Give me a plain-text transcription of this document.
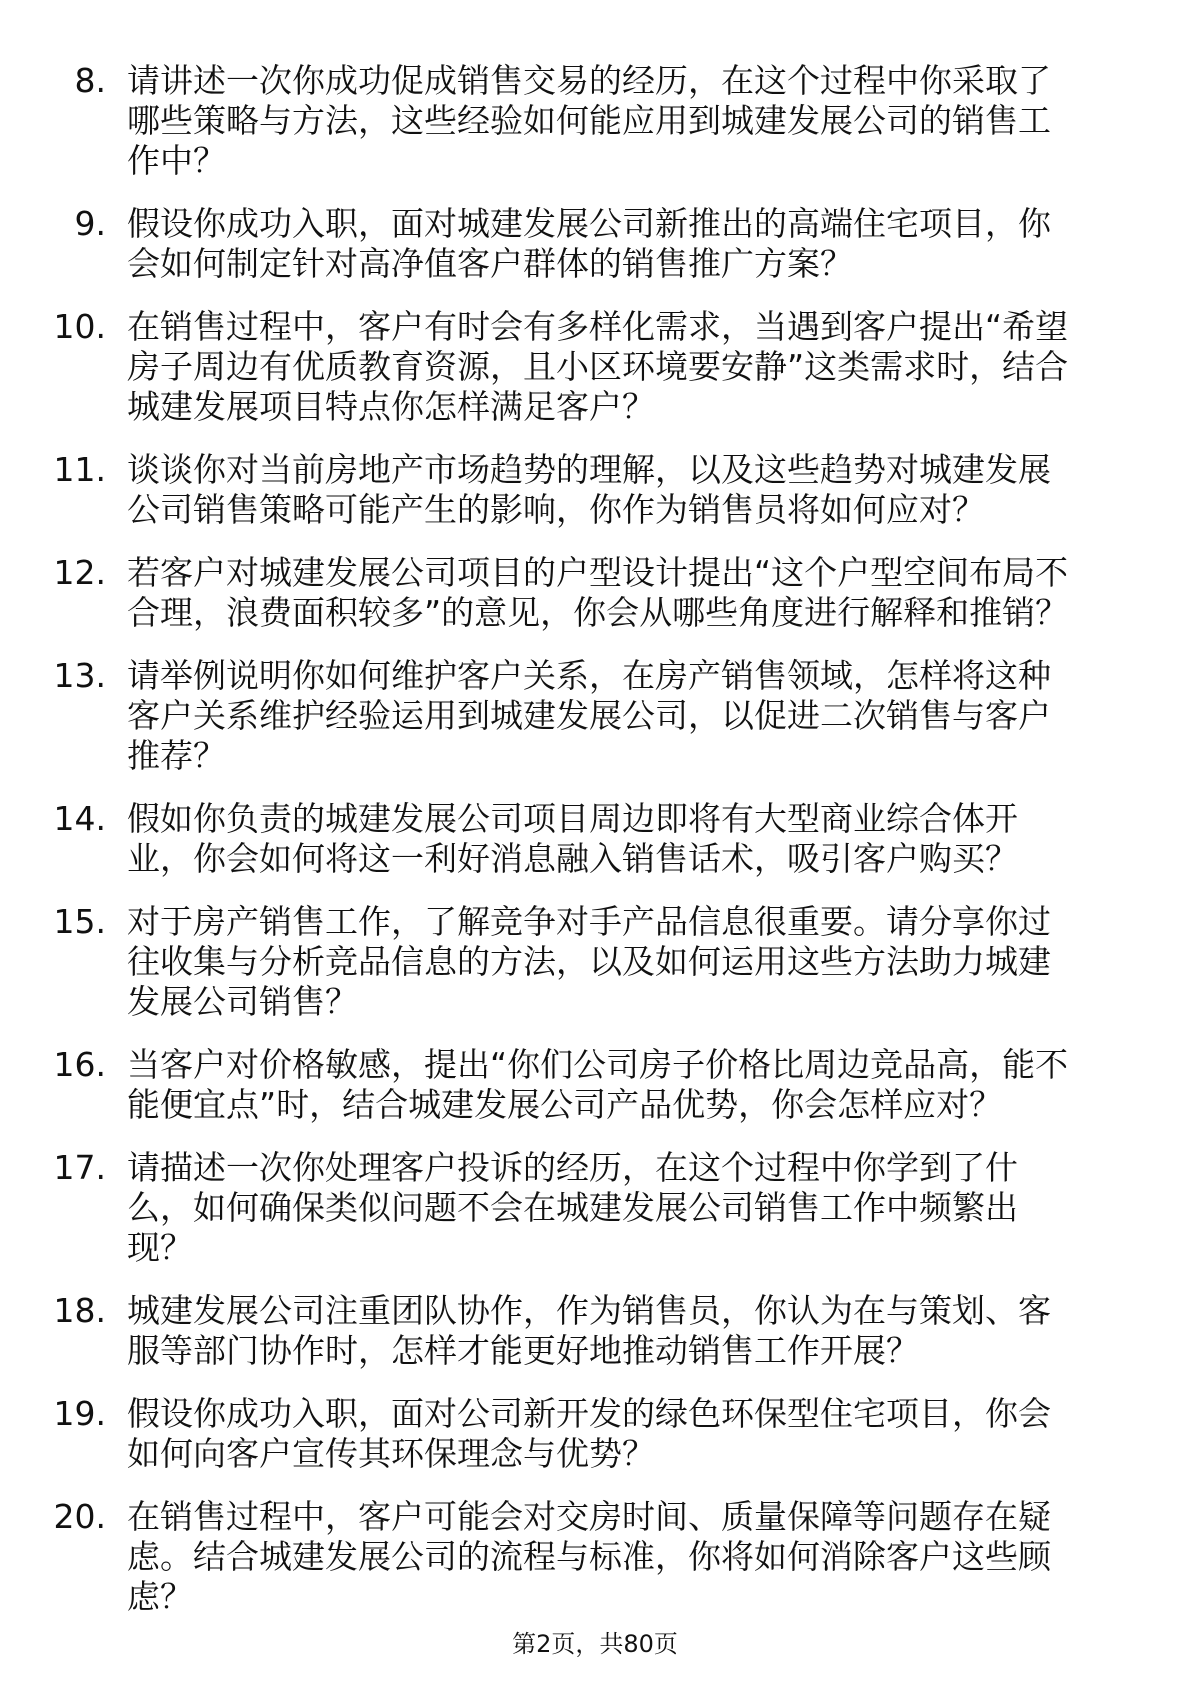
8. 请讲述一次你成功促成销售交易的经历，在这个过程中你采取了
哪些策略与方法，这些经验如何能应用到城建发展公司的销售工
作中？
9. 假设你成功入职，面对城建发展公司新推出的高端住宅项目，你
会如何制定针对高净值客户群体的销售推广方案？
10. 在销售过程中，客户有时会有多样化需求，当遇到客户提出“希望
房子周边有优质教育资源，且小区环境要安静”这类需求时，结合
城建发展项目特点你怎样满足客户？
11. 谈谈你对当前房地产市场趋势的理解，以及这些趋势对城建发展
公司销售策略可能产生的影响，你作为销售员将如何应对？
12. 若客户对城建发展公司项目的户型设计提出“这个户型空间布局不
合理，浪费面积较多”的意见，你会从哪些角度进行解释和推销？
13. 请举例说明你如何维护客户关系，在房产销售领域，怎样将这种
客户关系维护经验运用到城建发展公司，以促进二次销售与客户
推荐？
14. 假如你负责的城建发展公司项目周边即将有大型商业综合体开
业，你会如何将这一利好消息融入销售话术，吸引客户购买？
15. 对于房产销售工作，了解竞争对手产品信息很重要。请分享你过
往收集与分析竞品信息的方法，以及如何运用这些方法助力城建
发展公司销售？
16. 当客户对价格敏感，提出“你们公司房子价格比周边竞品高，能不
能便宜点”时，结合城建发展公司产品优势，你会怎样应对？
17. 请描述一次你处理客户投诉的经历，在这个过程中你学到了什
么，如何确保类似问题不会在城建发展公司销售工作中频繁出
现？
18. 城建发展公司注重团队协作，作为销售员，你认为在与策划、客
服等部门协作时，怎样才能更好地推动销售工作开展？
19. 假设你成功入职，面对公司新开发的绿色环保型住宅项目，你会
如何向客户宣传其环保理念与优势？
20. 在销售过程中，客户可能会对交房时间、质量保障等问题存在疑
虑。结合城建发展公司的流程与标准，你将如何消除客户这些顾
虑？
第2页，共80页
